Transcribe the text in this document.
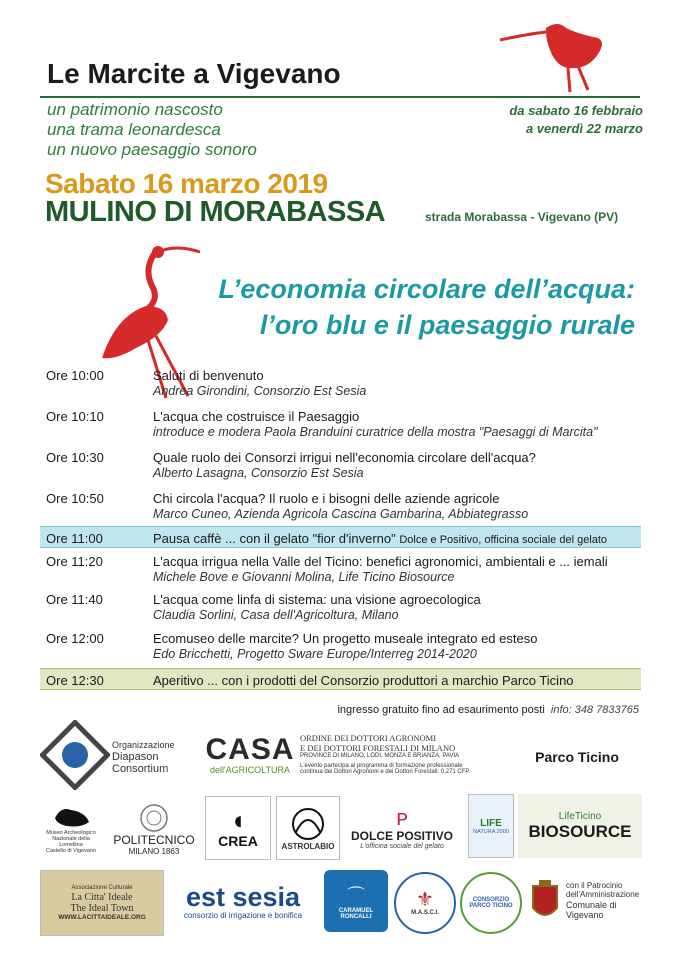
Le Marcite a Vigevano
un patrimonio nascosto
una trama leonardesca
un nuovo paesaggio sonoro
da sabato 16 febbraio
a venerdì 22 marzo
Sabato 16 marzo 2019
MULINO DI MORABASSA	strada Morabassa - Vigevano (PV)
L’economia circolare dell’acqua:
l’oro blu e il paesaggio rurale
Ore 10:00	Saluti di benvenuto
Andrea Girondini, Consorzio Est Sesia
Ore 10:10	L'acqua che costruisce il Paesaggio
introduce e modera Paola Branduini curatrice della mostra "Paesaggi di Marcita"
Ore 10:30	Quale ruolo dei Consorzi irrigui nell'economia circolare dell'acqua?
Alberto Lasagna, Consorzio Est Sesia
Ore 10:50	Chi circola l'acqua? Il ruolo e i bisogni delle aziende agricole
Marco Cuneo, Azienda Agricola Cascina Gambarina, Abbiategrasso
Ore 11:00	Pausa caffè ... con il gelato "fior d'inverno" Dolce e Positivo, officina sociale del gelato
Ore 11:20	L'acqua irrigua nella Valle del Ticino: benefici agronomici, ambientali e ... iemali
Michele Bove e Giovanni Molina, Life Ticino Biosource
Ore 11:40	L'acqua come linfa di sistema: una visione agroecologica
Claudia Sorlini, Casa dell'Agricoltura, Milano
Ore 12:00	Ecomuseo delle marcite? Un progetto museale integrato ed esteso
Edo Bricchetti, Progetto Sware Europe/Interreg 2014-2020
Ore 12:30	Aperitivo ... con i prodotti del Consorzio produttori a marchio Parco Ticino
ingresso gratuito fino ad esaurimento posti info: 348 7833765
Organizzazione
Diapason
Consortium
CASA
dell'AGRICOLTURA
ORDINE DEI DOTTORI AGRONOMI
E DEI DOTTORI FORESTALI DI MILANO
PROVINCE DI MILANO, LODI, MONZA E BRIANZA, PAVIA
L'evento partecipa al programma di formazione professionale
continua dei Dottori Agronomi e dei Dottori Forestali: 0,271 CFP.
Parco Ticino
Museo Archeologico
Nazionale della Lomellina
Castello di Vigevano
POLITECNICO
MILANO 1863
◖
CREA	ASTROLABIO
ᴘ
DOLCE POSITIVO
L'officina sociale del gelato
LIFE
NATURA 2000
LifeTicino
BIOSOURCE
Associazione Culturale
La Citta' Ideale
The Ideal Town
WWW.LACITTAIDEALE.ORG
est sesia
consorzio di irrigazione e bonifica
⌒
CARAMUEL RONCALLI
⚜
M.A.S.C.I.
CONSORZIO PARCO TICINO
con il Patrocinio
dell'Amministrazione
Comunale di
Vigevano
